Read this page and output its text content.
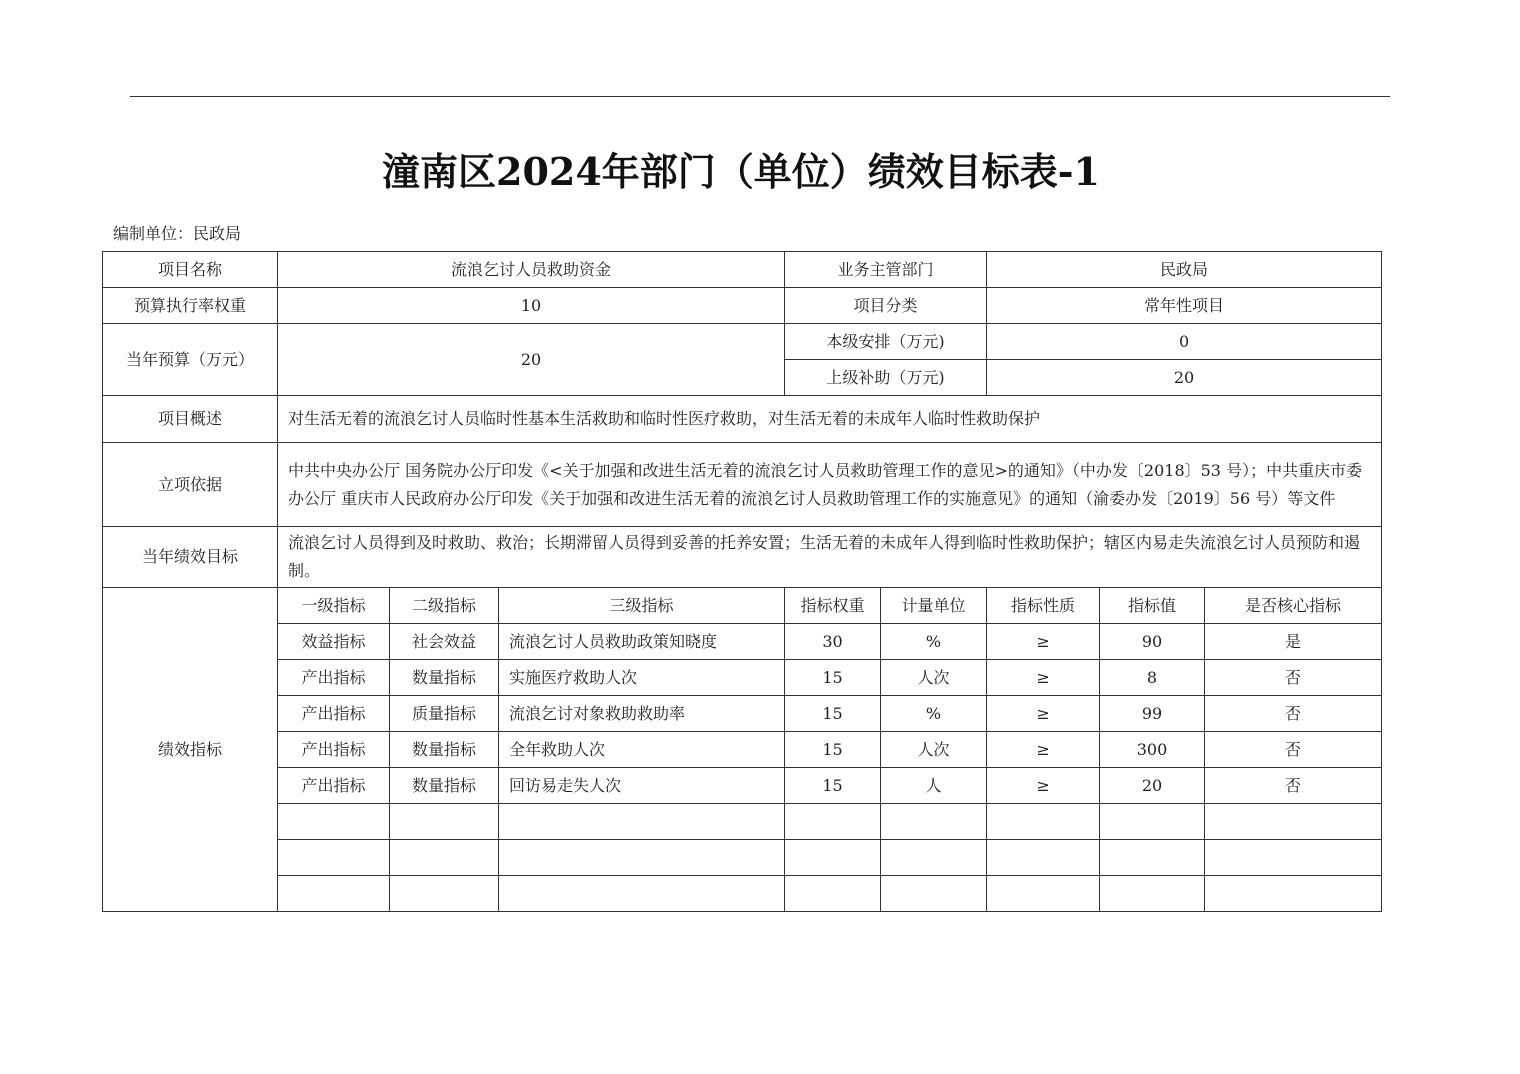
潼南区2024年部门（单位）绩效目标表-1
编制单位：民政局
项目名称	流浪乞讨人员救助资金			业务主管部门		民政局		
预算执行率权重	10			项目分类		常年性项目		
当年预算（万元）	20			本级安排（万元)		0		
				上级补助（万元)		20		
项目概述	对生活无着的流浪乞讨人员临时性基本生活救助和临时性医疗救助，对生活无着的未成年人临时性救助保护							
立项依据	中共中央办公厅 国务院办公厅印发《<关于加强和改进生活无着的流浪乞讨人员救助管理工作的意见>的通知》（中办发〔2018〕53 号）；中共重庆市委办公厅 重庆市人民政府办公厅印发《关于加强和改进生活无着的流浪乞讨人员救助管理工作的实施意见》的通知（渝委办发〔2019〕56 号）等文件							
当年绩效目标	流浪乞讨人员得到及时救助、救治；长期滞留人员得到妥善的托养安置；生活无着的未成年人得到临时性救助保护；辖区内易走失流浪乞讨人员预防和遏制。							
绩效指标	一级指标	二级指标	三级指标	指标权重	计量单位	指标性质	指标值	是否核心指标
	效益指标	社会效益	流浪乞讨人员救助政策知晓度	30	%	≥	90	是
	产出指标	数量指标	实施医疗救助人次	15	人次	≥	8	否
	产出指标	质量指标	流浪乞讨对象救助救助率	15	%	≥	99	否
	产出指标	数量指标	全年救助人次	15	人次	≥	300	否
	产出指标	数量指标	回访易走失人次	15	人	≥	20	否
